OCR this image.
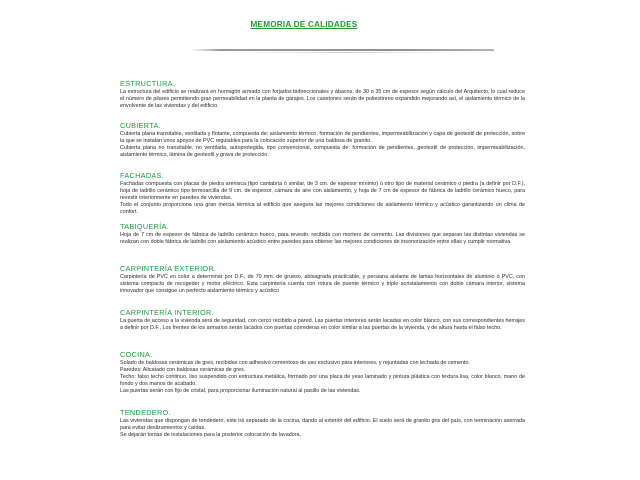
MEMORIA DE CALIDADES
ESTRUCTURA.

La estructura del edificio se realizará en hormigón armado con forjados bidireccionales y ábacos, de 30 o 35 cm de espesor según cálculo del Arquitecto, lo cual reduce el número de pilares permitiendo gran permeabilidad en la planta de garajes. Los casetones serán de poliestireno expandido mejorando así, el aislamiento térmico de la envolvente de las viviendas y del edificio.

CUBIERTA.

Cubierta plana transitable, ventilada y flotante, compuesta de: aislamiento térmico, formación de pendientes, impermeabilización y capa de geotextil de protección, sobre la que se instalan unos apoyos de PVC regulables para la colocación superior de una baldosa de granito.

Cubierta plana no transitable, no ventilada, autoprotegida, tipo convencional, compuesta de: formación de pendientes, geotextil de protección, impermeabilización, aislamiento térmico, lámina de geotextil y grava de protección.

FACHADAS.

Fachadas compuesta con placas de piedra arenisca (tipo cantabria ó similar, de 3 cm. de espesor mínimo) ú otro tipo de material cerámico o piedra (a definir por D.F.), hoja de ladrillo cerámico tipo termoarcilla de 9 cm. de espesor, cámara de aire con aislamiento, y hoja de 7 cm de espesor de fábrica de ladrillo cerámico hueco, para revestir interiormente en paredes de viviendas.

Todo el conjunto proporciona una gran inercia térmica al edificio que asegura las mejores condiciones de aislamiento térmico y acústico garantizando un clima de confort.

TABIQUERÍA.

Hoja de 7 cm de espesor de fábrica de ladrillo cerámico hueco, para revestir, recibida con mortero de cemento. Las divisiones que separan las distintas viviendas se realizan con doble fábrica de ladrillo con aislamiento acústico entre paredes para obtener las mejores condiciones de insonorización entre ellas y cumplir normativa.

CARPINTERÍA EXTERIOR.

Carpintería de PVC en color a determinar por D.F., de 70 mm. de grueso, abisagrada practicable, y persiana aislante de lamas horizontales de aluminio ó PVC, con sistema compacto de recogeder y motor eléctrico. Esta carpintería cuenta con rotura de puente térmico y triple acristalamiento con doble cámara interior, sistema innovador que consigue un perfecto aislamiento térmico y acústico

CARPINTERÍA INTERIOR.

La puerta de acceso a la vivienda será de seguridad, con cerco recibido a pared. Las puertas interiores serán lacadas en color blanco, con sus correspondientes herrajes a definir por D.F., Los frentes de los armarios serán lacados con puertas correderas en color similar a las puertas de la vivienda, y de altura hasta el falso techo.

COCINA.

Solado de baldosas cerámicas de gres, recibidas con adhesivo cementoso de uso exclusivo para interiores, y rejuntadas con lechada de cemento.

Paredes: Alicatado con baldosas cerámicas de gres.

Techo: falso techo continuo, liso suspendido con estructura metálica, formado por una placa de yeso laminado y pintura plástica con textura lisa, color blanco, mano de fondo y dos manos de acabado.

Las puertas serán con fijo de cristal, para proporcionar iluminación natural al pasillo de las viviendas.

TENDEDERO.

Las viviendas que dispongan de tendedero, este irá separado de la cocina, dando al exterior del edificio. El suelo será de granito gris del país, con terminación aserrada para evitar deslizamientos y caídas.

Se dejarán tomas de instalaciones para la posterior colocación de lavadora.
